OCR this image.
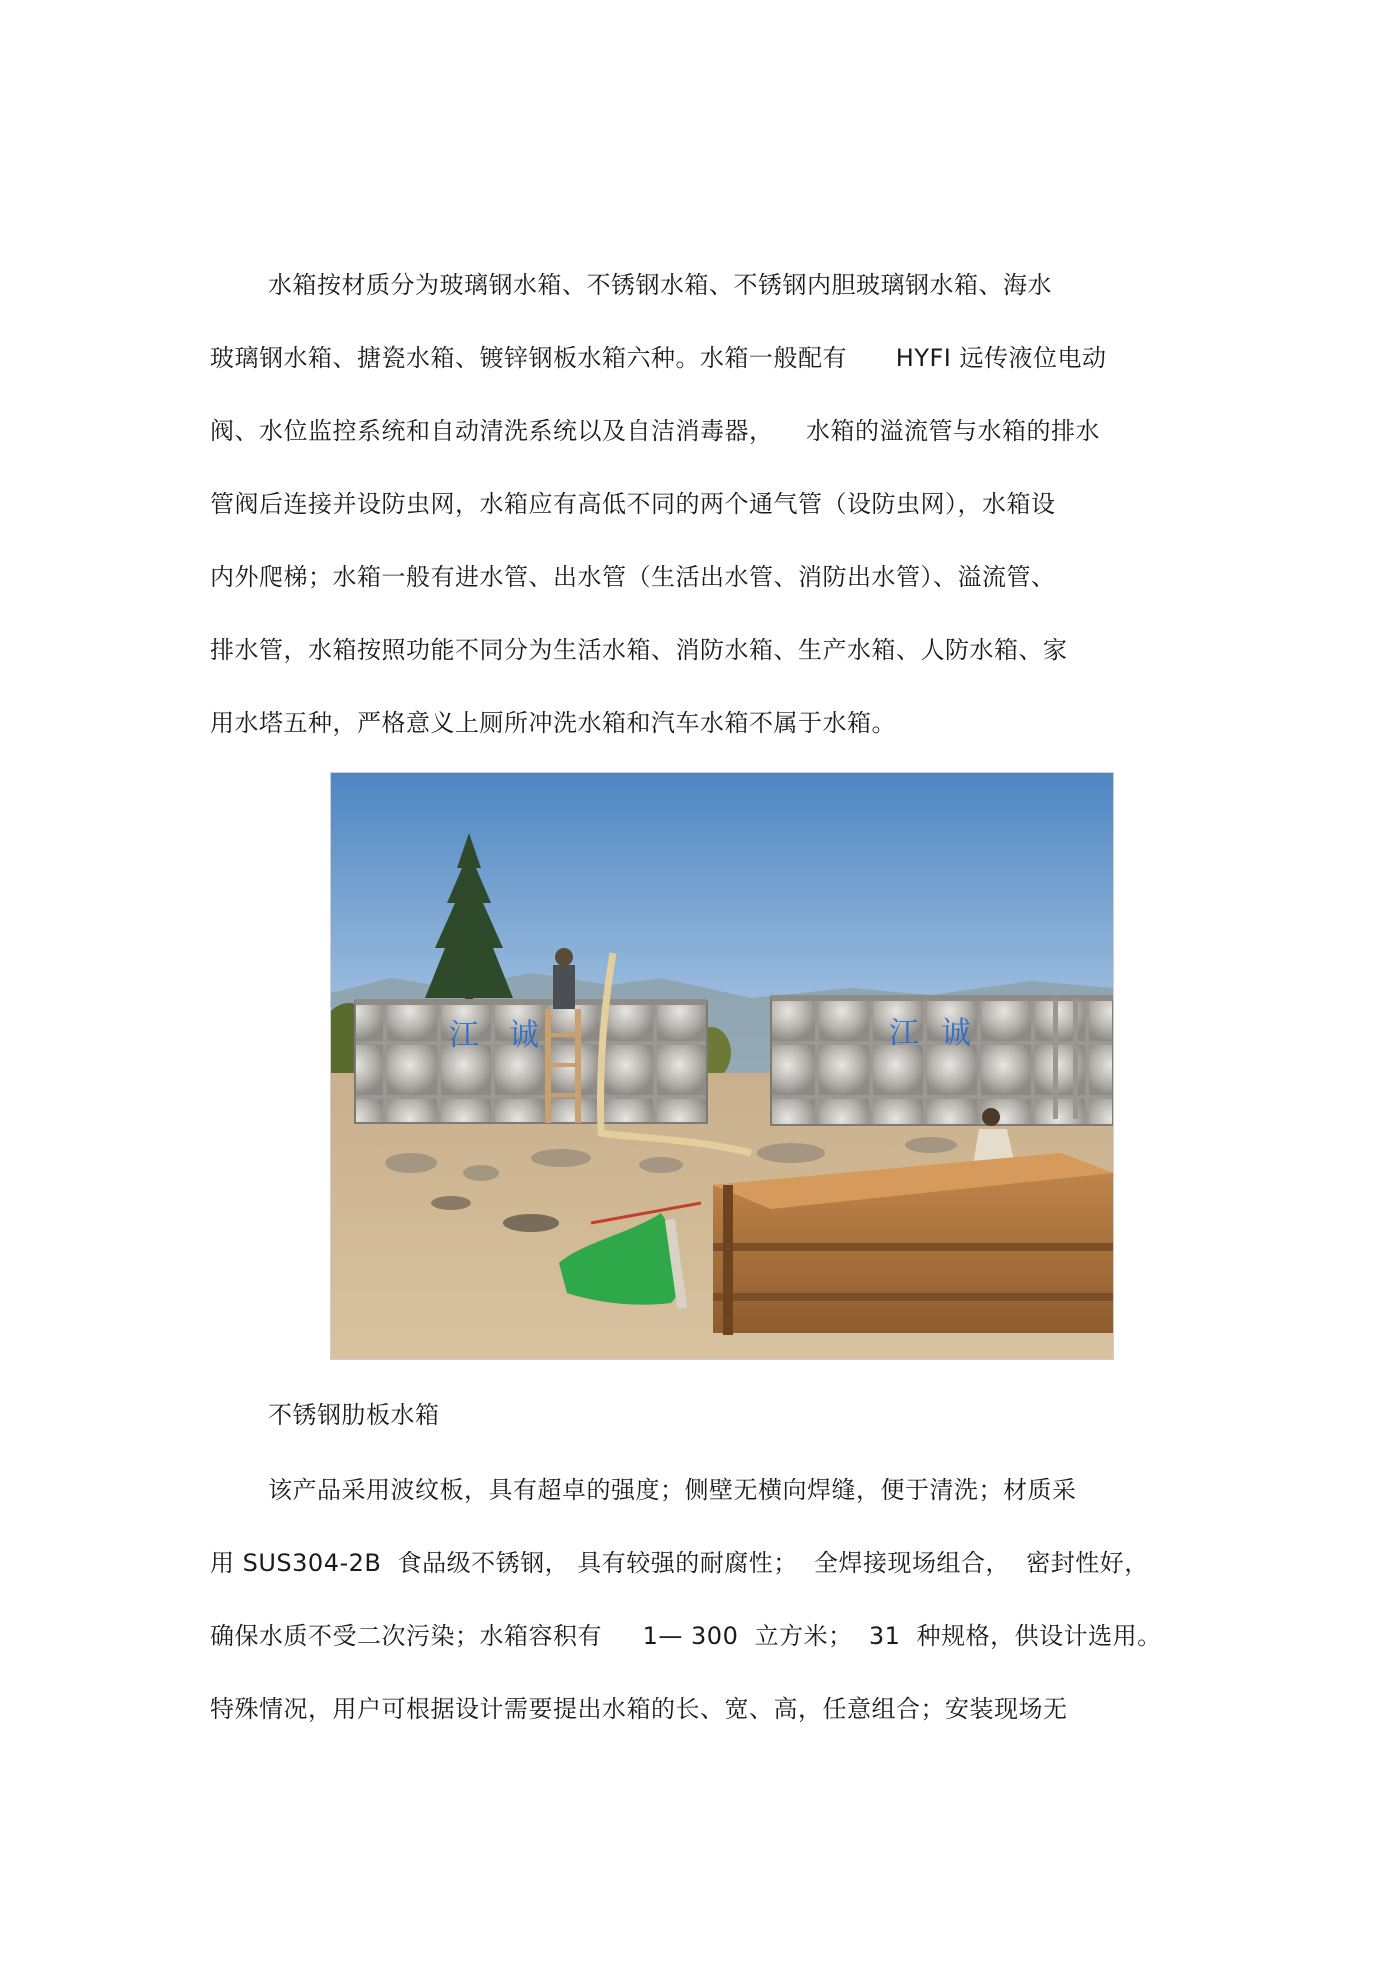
水箱按材质分为玻璃钢水箱、不锈钢水箱、不锈钢内胆玻璃钢水箱、海水
玻璃钢水箱、搪瓷水箱、镀锌钢板水箱六种。水箱一般配有      HYFI 远传液位电动
阀、水位监控系统和自动清洗系统以及自洁消毒器，    水箱的溢流管与水箱的排水
管阀后连接并设防虫网，水箱应有高低不同的两个通气管（设防虫网），水箱设
内外爬梯；水箱一般有进水管、出水管（生活出水管、消防出水管）、溢流管、
排水管，水箱按照功能不同分为生活水箱、消防水箱、生产水箱、人防水箱、家
用水塔五种，严格意义上厕所冲洗水箱和汽车水箱不属于水箱。
江 诚	江 诚
不锈钢肋板水箱
该产品采用波纹板，具有超卓的强度；侧壁无横向焊缝，便于清洗；材质采
用 SUS304-2B  食品级不锈钢， 具有较强的耐腐性；  全焊接现场组合，  密封性好，
确保水质不受二次污染；水箱容积有     1— 300  立方米；  31  种规格，供设计选用。
特殊情况，用户可根据设计需要提出水箱的长、宽、高，任意组合；安装现场无
